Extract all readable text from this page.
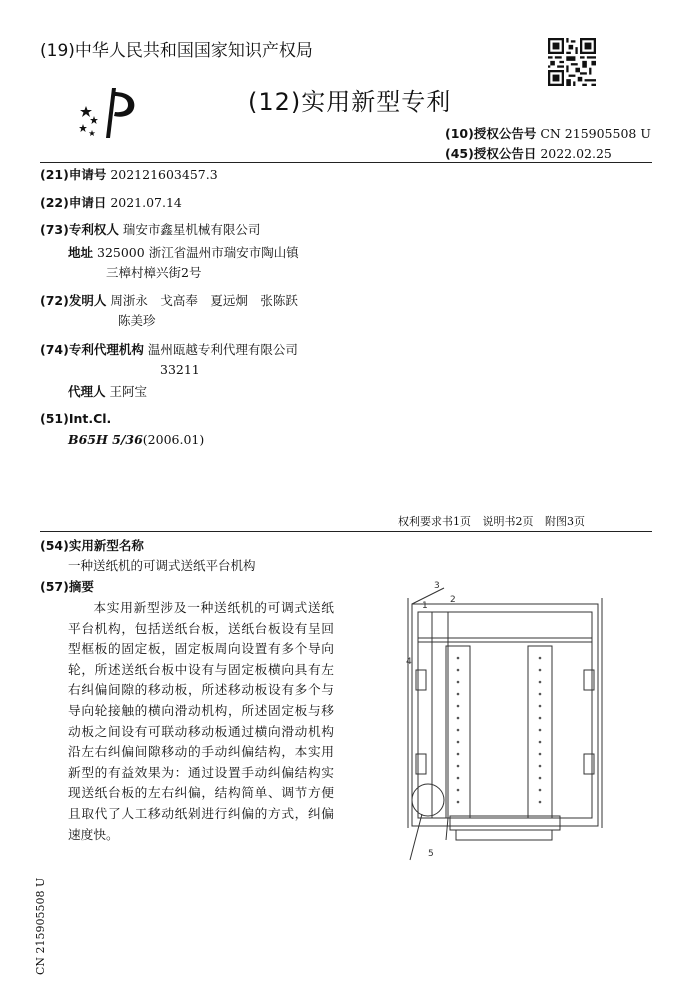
(19)中华人民共和国国家知识产权局
(12)实用新型专利
(10)授权公告号 CN 215905508 U
(45)授权公告日 2022.02.25
(21)申请号 202121603457.3
(22)申请日 2021.07.14
(73)专利权人 瑞安市鑫星机械有限公司
地址 325000 浙江省温州市瑞安市陶山镇
三樟村樟兴街2号
(72)发明人 周浙永　戈高奉　夏远炯　张陈跃
陈美珍
(74)专利代理机构 温州瓯越专利代理有限公司
33211
代理人 王阿宝
(51)Int.Cl.
B65H 5/36(2006.01)
权利要求书1页 说明书2页 附图3页
(54)实用新型名称
一种送纸机的可调式送纸平台机构
(57)摘要
本实用新型涉及一种送纸机的可调式送纸平台机构，包括送纸台板，送纸台板设有呈回型框板的固定板，固定板周向设置有多个导向轮，所述送纸台板中设有与固定板横向具有左右纠偏间隙的移动板，所述移动板设有多个与导向轮接触的横向滑动机构，所述固定板与移动板之间设有可联动移动板通过横向滑动机构沿左右纠偏间隙移动的手动纠偏结构，本实用新型的有益效果为：通过设置手动纠偏结构实现送纸台板的左右纠偏，结构简单、调节方便且取代了人工移动纸剁进行纠偏的方式，纠偏速度快。
1
2
3
4
5
CN 215905508 U
